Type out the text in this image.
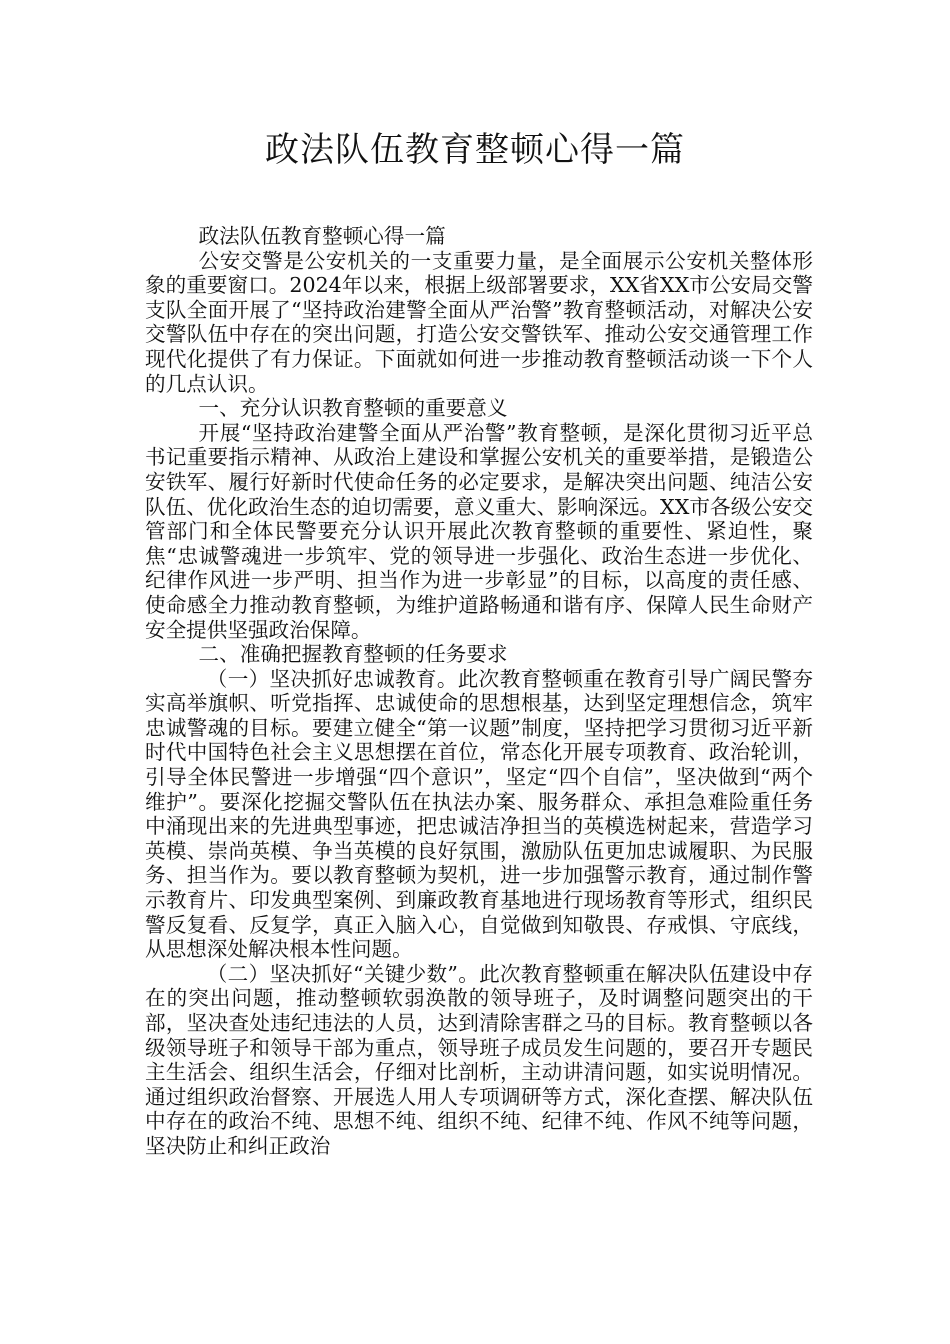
政法队伍教育整顿心得一篇

政法队伍教育整顿心得一篇

公安交警是公安机关的一支重要力量，是全面展示公安机关整体形象的重要窗口。2024年以来，根据上级部署要求，XX省XX市公安局交警支队全面开展了“坚持政治建警全面从严治警”教育整顿活动，对解决公安交警队伍中存在的突出问题，打造公安交警铁军、推动公安交通管理工作现代化提供了有力保证。下面就如何进一步推动教育整顿活动谈一下个人的几点认识。

一、充分认识教育整顿的重要意义

开展“坚持政治建警全面从严治警”教育整顿，是深化贯彻习近平总书记重要指示精神、从政治上建设和掌握公安机关的重要举措，是锻造公安铁军、履行好新时代使命任务的必定要求，是解决突出问题、纯洁公安队伍、优化政治生态的迫切需要，意义重大、影响深远。XX市各级公安交管部门和全体民警要充分认识开展此次教育整顿的重要性、紧迫性，聚焦“忠诚警魂进一步筑牢、党的领导进一步强化、政治生态进一步优化、纪律作风进一步严明、担当作为进一步彰显”的目标，以高度的责任感、使命感全力推动教育整顿，为维护道路畅通和谐有序、保障人民生命财产安全提供坚强政治保障。

二、准确把握教育整顿的任务要求

（一）坚决抓好忠诚教育。此次教育整顿重在教育引导广阔民警夯实高举旗帜、听党指挥、忠诚使命的思想根基，达到坚定理想信念，筑牢忠诚警魂的目标。要建立健全“第一议题”制度，坚持把学习贯彻习近平新时代中国特色社会主义思想摆在首位，常态化开展专项教育、政治轮训，引导全体民警进一步增强“四个意识”，坚定“四个自信”，坚决做到“两个维护”。要深化挖掘交警队伍在执法办案、服务群众、承担急难险重任务中涌现出来的先进典型事迹，把忠诚洁净担当的英模选树起来，营造学习英模、崇尚英模、争当英模的良好氛围，激励队伍更加忠诚履职、为民服务、担当作为。要以教育整顿为契机，进一步加强警示教育，通过制作警示教育片、印发典型案例、到廉政教育基地进行现场教育等形式，组织民警反复看、反复学，真正入脑入心，自觉做到知敬畏、存戒惧、守底线，从思想深处解决根本性问题。

（二）坚决抓好“关键少数”。此次教育整顿重在解决队伍建设中存在的突出问题，推动整顿软弱涣散的领导班子，及时调整问题突出的干部，坚决查处违纪违法的人员，达到清除害群之马的目标。教育整顿以各级领导班子和领导干部为重点，领导班子成员发生问题的，要召开专题民主生活会、组织生活会，仔细对比剖析，主动讲清问题，如实说明情况。通过组织政治督察、开展选人用人专项调研等方式，深化查摆、解决队伍中存在的政治不纯、思想不纯、组织不纯、纪律不纯、作风不纯等问题，坚决防止和纠正政治
